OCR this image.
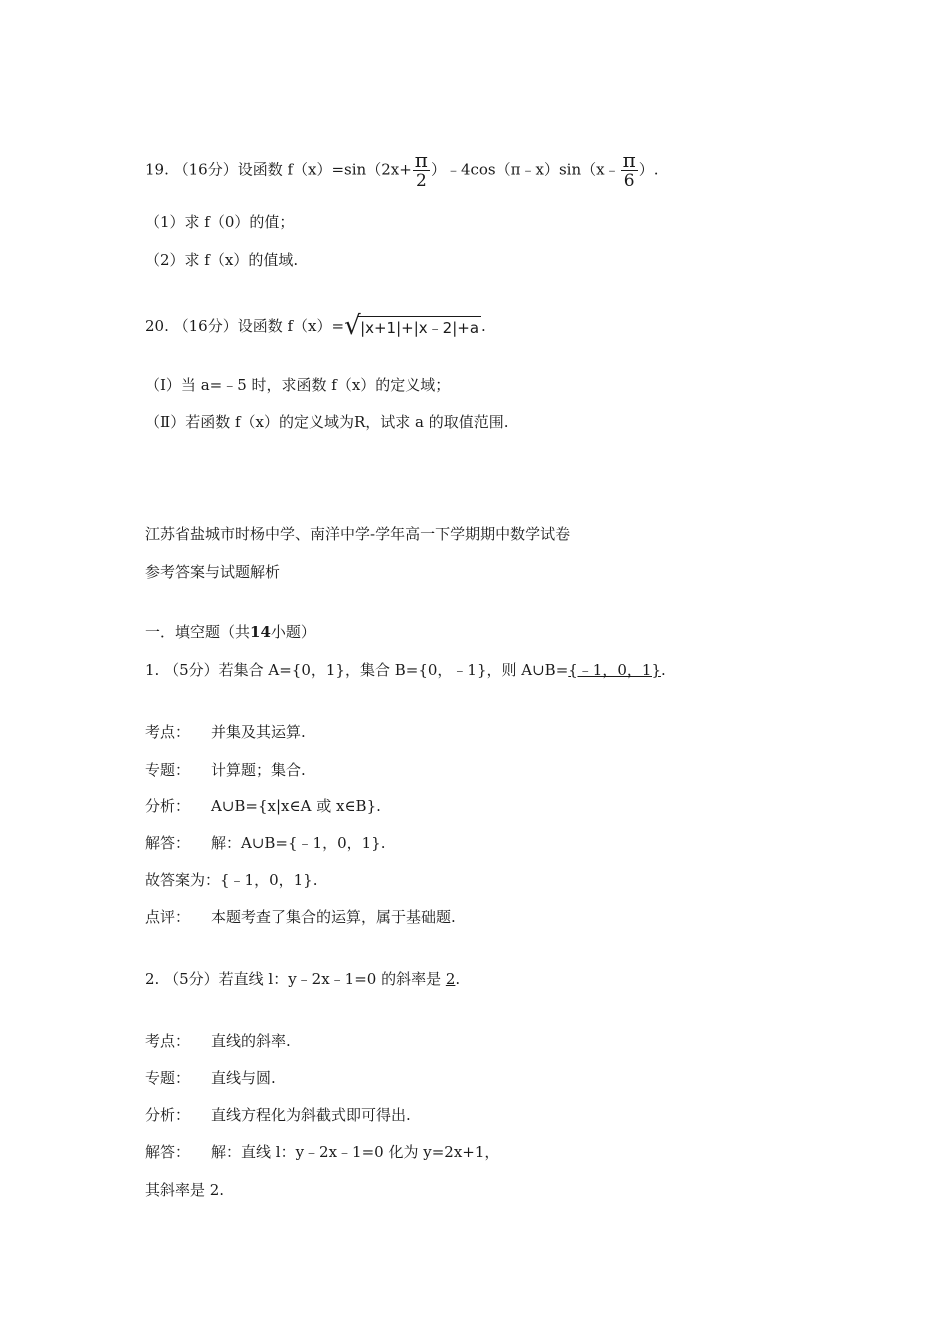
19. （16分）设函数 $f(x)=\sin(2x+ \frac{\pi}{2}$ ）﹣4cos（π﹣x）sin（x﹣ $\frac{\pi}{6}$ ）.
（1）求 f（0）的值；
（2）求 f（x）的值域.
20. （16分）设函数 f（x）= √ |x+1|+|x﹣2|+a .
（Ⅰ）当 a=﹣5 时，求函数 f（x）的定义域；
（Ⅱ）若函数 f（x）的定义域为R，试求 a 的取值范围.
江苏省盐城市时杨中学、南洋中学-学年高一下学期期中数学试卷
参考答案与试题解析
一．填空题（共14小题）
1. （5分）若集合 A={0，1}，集合 B={0，﹣1}，则 A∪B={﹣1，0，1}.
考点： 并集及其运算.
专题： 计算题；集合.
分析： A∪B={x|x∈A 或 x∈B}.
解答： 解：A∪B={﹣1，0，1}.
故答案为：{﹣1，0，1}.
点评： 本题考查了集合的运算，属于基础题.
2. （5分）若直线 l：y﹣2x﹣1=0 的斜率是 2.
考点： 直线的斜率.
专题： 直线与圆.
分析： 直线方程化为斜截式即可得出.
解答： 解：直线 l：y﹣2x﹣1=0 化为 y=2x+1，
其斜率是 2.
